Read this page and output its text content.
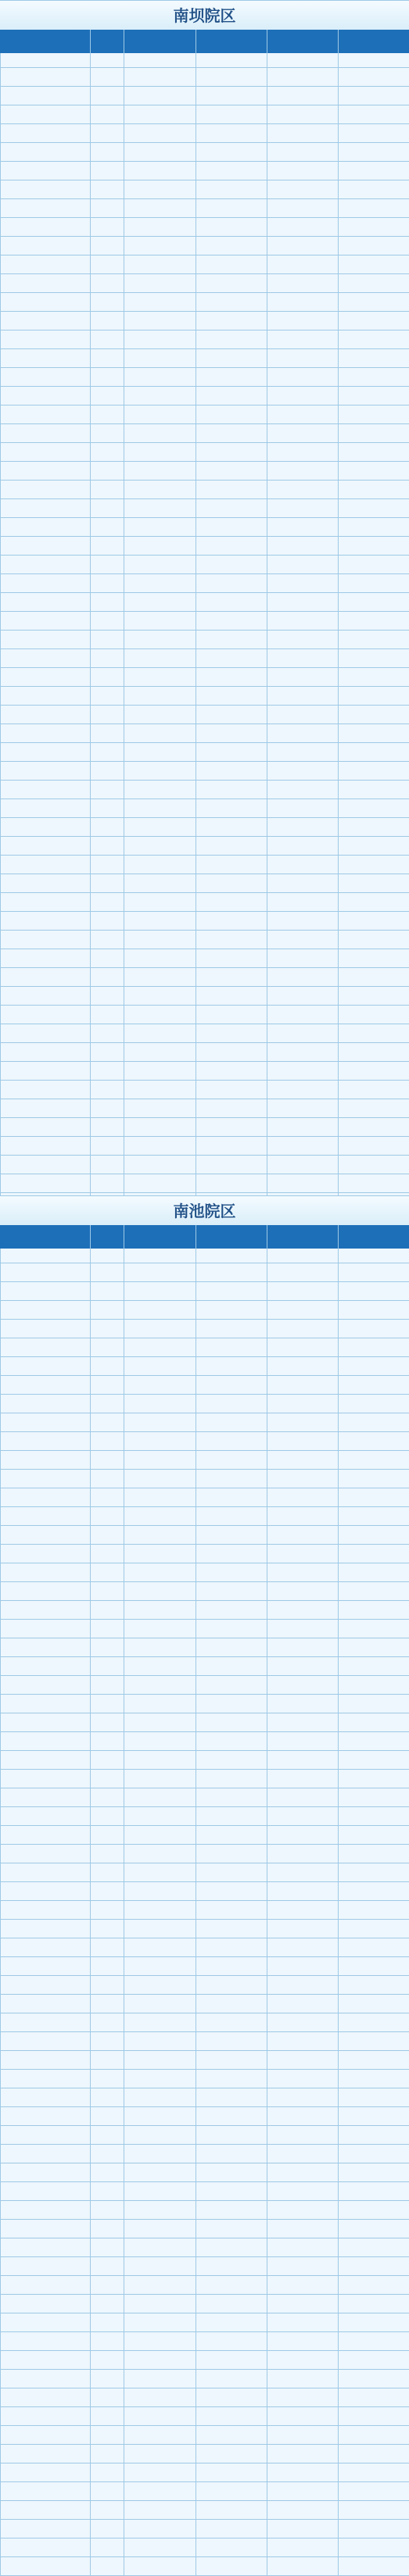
南坝院区
南池院区
